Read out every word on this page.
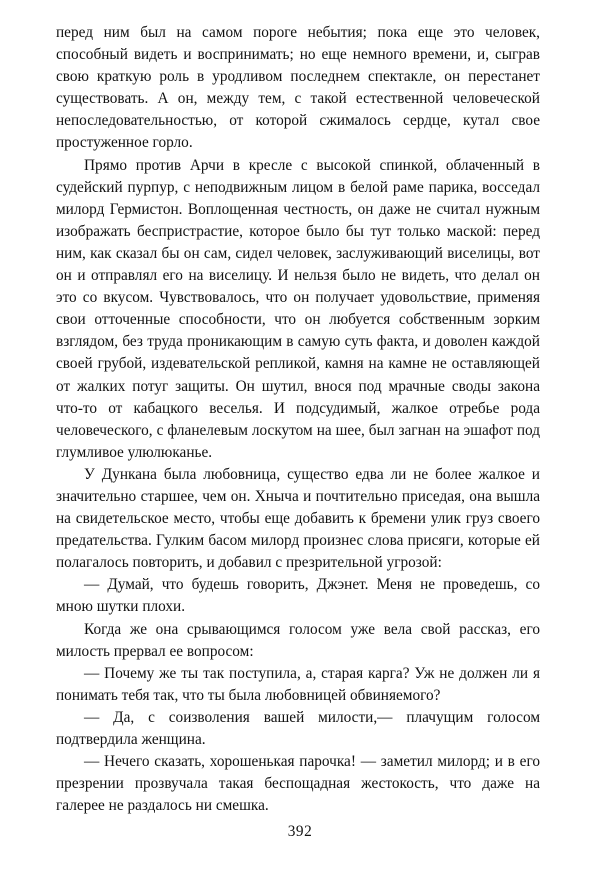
перед ним был на самом пороге небытия; пока еще это человек, способный видеть и воспринимать; но еще немного времени, и, сыграв свою краткую роль в уродливом последнем спектакле, он перестанет существовать. А он, между тем, с такой естественной человеческой непоследовательностью, от которой сжималось сердце, кутал свое простуженное горло.

Прямо против Арчи в кресле с высокой спинкой, облаченный в судейский пурпур, с неподвижным лицом в белой раме парика, восседал милорд Гермистон. Воплощенная честность, он даже не считал нужным изображать беспристрастие, которое было бы тут только маской: перед ним, как сказал бы он сам, сидел человек, заслуживающий виселицы, вот он и отправлял его на виселицу. И нельзя было не видеть, что делал он это со вкусом. Чувствовалось, что он получает удовольствие, применяя свои отточенные способности, что он любуется собственным зорким взглядом, без труда проникающим в самую суть факта, и доволен каждой своей грубой, издевательской репликой, камня на камне не оставляющей от жалких потуг защиты. Он шутил, внося под мрачные своды закона что-то от кабацкого веселья. И подсудимый, жалкое отребье рода человеческого, с фланелевым лоскутом на шее, был загнан на эшафот под глумливое улюлюканье.

У Дункана была любовница, существо едва ли не более жалкое и значительно старшее, чем он. Хныча и почтительно приседая, она вышла на свидетельское место, чтобы еще добавить к бремени улик груз своего предательства. Гулким басом милорд произнес слова присяги, которые ей полагалось повторить, и добавил с презрительной угрозой:

— Думай, что будешь говорить, Джэнет. Меня не проведешь, со мною шутки плохи.

Когда же она срывающимся голосом уже вела свой рассказ, его милость прервал ее вопросом:

— Почему же ты так поступила, а, старая карга? Уж не должен ли я понимать тебя так, что ты была любовницей обвиняемого?

— Да, с соизволения вашей милости,— плачущим голосом подтвердила женщина.

— Нечего сказать, хорошенькая парочка! — заметил милорд; и в его презрении прозвучала такая беспощадная жестокость, что даже на галерее не раздалось ни смешка.

392
